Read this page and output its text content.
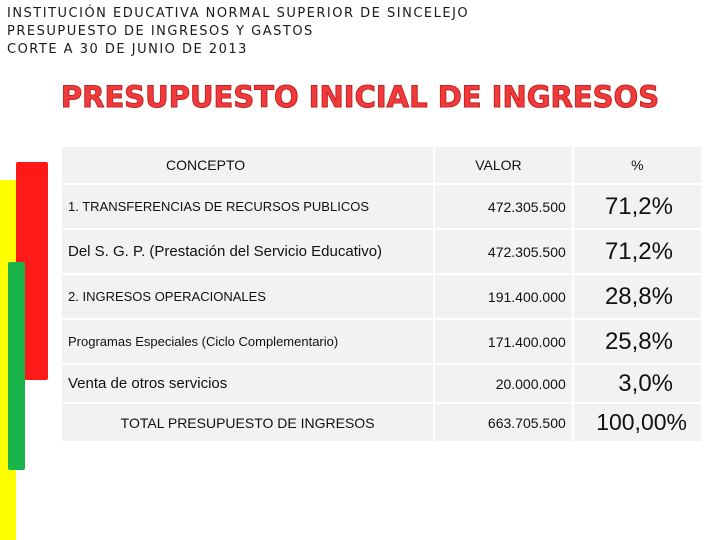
INSTITUCIÓN EDUCATIVA NORMAL SUPERIOR DE SINCELEJO
PRESUPUESTO DE INGRESOS Y GASTOS
CORTE A 30 DE JUNIO DE 2013
PRESUPUESTO INICIAL DE INGRESOS
CONCEPTO	VALOR	%
1. TRANSFERENCIAS DE RECURSOS PUBLICOS	472.305.500	71,2%
Del S. G. P. (Prestación del Servicio Educativo)	472.305.500	71,2%
2. INGRESOS OPERACIONALES	191.400.000	28,8%
Programas Especiales (Ciclo Complementario)	171.400.000	25,8%
Venta de otros servicios	20.000.000	3,0%
TOTAL PRESUPUESTO DE INGRESOS	663.705.500	100,00%
